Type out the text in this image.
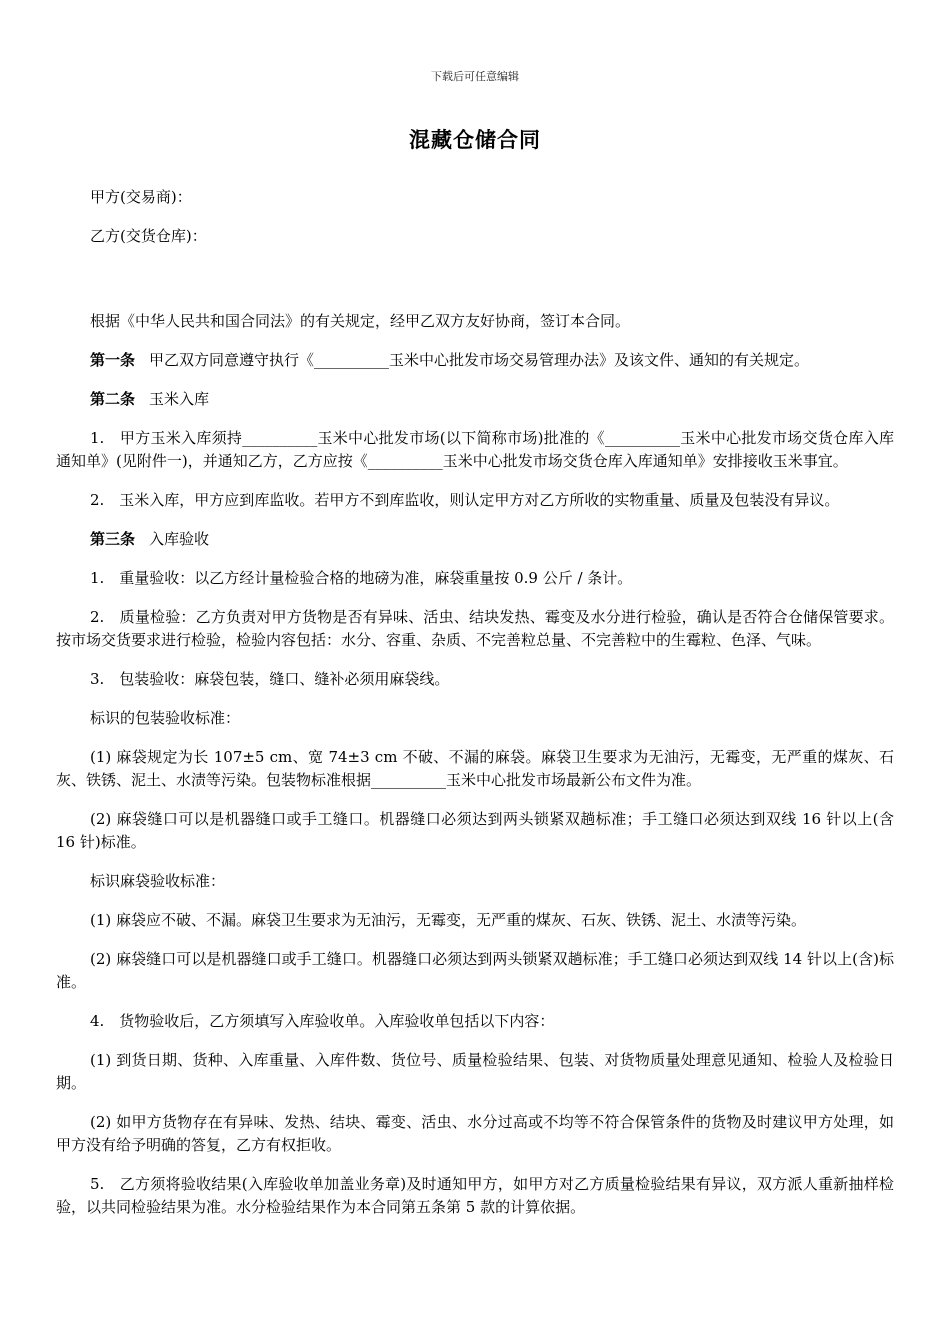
下载后可任意编辑
混藏仓储合同

甲方(交易商)：

乙方(交货仓库)：

根据《中华人民共和国合同法》的有关规定，经甲乙双方友好协商，签订本合同。

第一条 甲乙双方同意遵守执行《__________玉米中心批发市场交易管理办法》及该文件、通知的有关规定。

第二条 玉米入库

1.　甲方玉米入库须持__________玉米中心批发市场(以下简称市场)批准的《__________玉米中心批发市场交货仓库入库通知单》(见附件一)，并通知乙方，乙方应按《__________玉米中心批发市场交货仓库入库通知单》安排接收玉米事宜。

2.　玉米入库，甲方应到库监收。若甲方不到库监收，则认定甲方对乙方所收的实物重量、质量及包装没有异议。

第三条 入库验收

1.　重量验收：以乙方经计量检验合格的地磅为准，麻袋重量按 0.9 公斤 / 条计。

2.　质量检验：乙方负责对甲方货物是否有异味、活虫、结块发热、霉变及水分进行检验，确认是否符合仓储保管要求。按市场交货要求进行检验，检验内容包括：水分、容重、杂质、不完善粒总量、不完善粒中的生霉粒、色泽、气味。

3.　包装验收：麻袋包装，缝口、缝补必须用麻袋线。

标识的包装验收标准：

(1) 麻袋规定为长 107±5 cm、宽 74±3 cm 不破、不漏的麻袋。麻袋卫生要求为无油污，无霉变，无严重的煤灰、石灰、铁锈、泥土、水渍等污染。包装物标准根据__________玉米中心批发市场最新公布文件为准。

(2) 麻袋缝口可以是机器缝口或手工缝口。机器缝口必须达到两头锁紧双趟标准；手工缝口必须达到双线 16 针以上(含 16 针)标准。

标识麻袋验收标准：

(1) 麻袋应不破、不漏。麻袋卫生要求为无油污，无霉变，无严重的煤灰、石灰、铁锈、泥土、水渍等污染。

(2) 麻袋缝口可以是机器缝口或手工缝口。机器缝口必须达到两头锁紧双趟标准；手工缝口必须达到双线 14 针以上(含)标准。

4.　货物验收后，乙方须填写入库验收单。入库验收单包括以下内容：

(1) 到货日期、货种、入库重量、入库件数、货位号、质量检验结果、包装、对货物质量处理意见通知、检验人及检验日期。

(2) 如甲方货物存在有异味、发热、结块、霉变、活虫、水分过高或不均等不符合保管条件的货物及时建议甲方处理，如甲方没有给予明确的答复，乙方有权拒收。

5.　乙方须将验收结果(入库验收单加盖业务章)及时通知甲方，如甲方对乙方质量检验结果有异议，双方派人重新抽样检验，以共同检验结果为准。水分检验结果作为本合同第五条第 5 款的计算依据。
